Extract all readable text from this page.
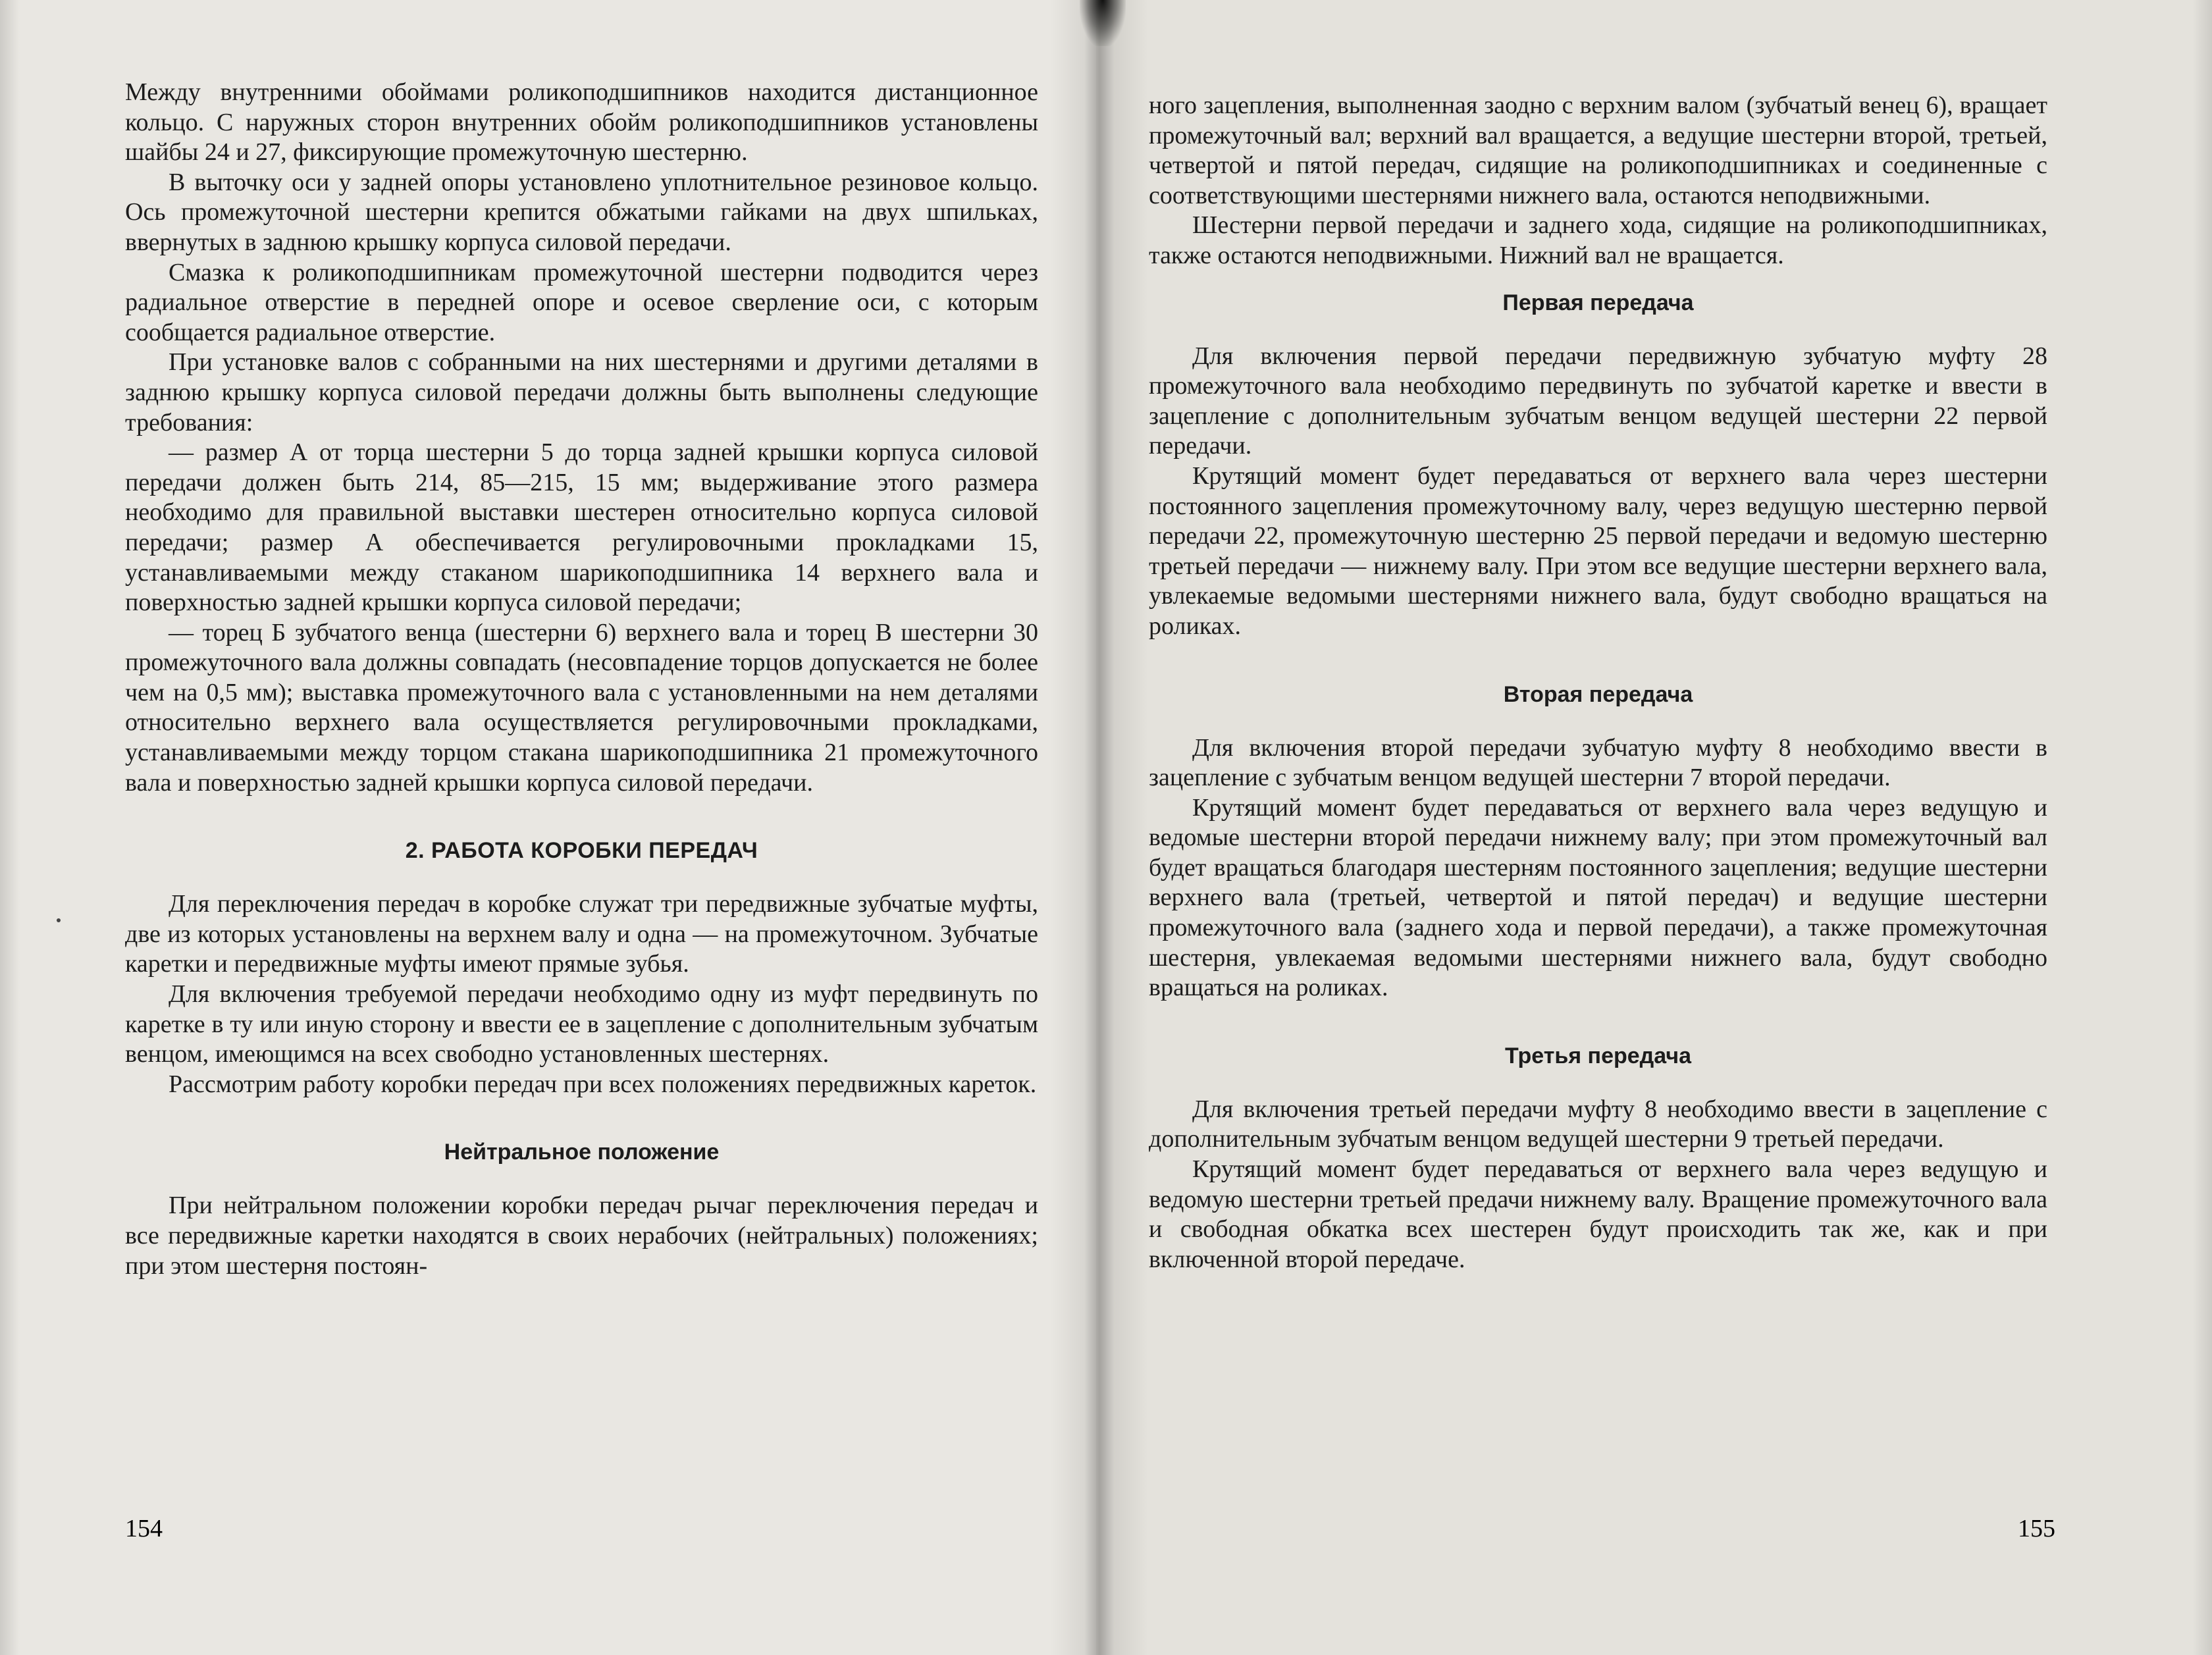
Между внутренними обоймами роликоподшипников находится дистанционное кольцо. С наружных сторон внутренних обойм роликоподшипников установлены шайбы 24 и 27, фиксирующие промежуточную шестерню.

В выточку оси у задней опоры установлено уплотнительное резиновое кольцо. Ось промежуточной шестерни крепится обжатыми гайками на двух шпильках, ввернутых в заднюю крышку корпуса силовой передачи.

Смазка к роликоподшипникам промежуточной шестерни подводится через радиальное отверстие в передней опоре и осевое сверление оси, с которым сообщается радиальное отверстие.

При установке валов с собранными на них шестернями и другими деталями в заднюю крышку корпуса силовой передачи должны быть выполнены следующие требования:

— размер А от торца шестерни 5 до торца задней крышки корпуса силовой передачи должен быть 214, 85—215, 15 мм; выдерживание этого размера необходимо для правильной выставки шестерен относительно корпуса силовой передачи; размер А обеспечивается регулировочными прокладками 15, устанавливаемыми между стаканом шарикоподшипника 14 верхнего вала и поверхностью задней крышки корпуса силовой передачи;

— торец Б зубчатого венца (шестерни 6) верхнего вала и торец В шестерни 30 промежуточного вала должны совпадать (несовпадение торцов допускается не более чем на 0,5 мм); выставка промежуточного вала с установленными на нем деталями относительно верхнего вала осуществляется регулировочными прокладками, устанавливаемыми между торцом стакана шарикоподшипника 21 промежуточного вала и поверхностью задней крышки корпуса силовой передачи.

2. РАБОТА КОРОБКИ ПЕРЕДАЧ

Для переключения передач в коробке служат три передвижные зубчатые муфты, две из которых установлены на верхнем валу и одна — на промежуточном. Зубчатые каретки и передвижные муфты имеют прямые зубья.

Для включения требуемой передачи необходимо одну из муфт передвинуть по каретке в ту или иную сторону и ввести ее в зацепление с дополнительным зубчатым венцом, имеющимся на всех свободно установленных шестернях.

Рассмотрим работу коробки передач при всех положениях передвижных кареток.

Нейтральное положение

При нейтральном положении коробки передач рычаг переключения передач и все передвижные каретки находятся в своих нерабочих (нейтральных) положениях; при этом шестерня постоян-

154

ного зацепления, выполненная заодно с верхним валом (зубчатый венец 6), вращает промежуточный вал; верхний вал вращается, а ведущие шестерни второй, третьей, четвертой и пятой передач, сидящие на роликоподшипниках и соединенные с соответствующими шестернями нижнего вала, остаются неподвижными.

Шестерни первой передачи и заднего хода, сидящие на роликоподшипниках, также остаются неподвижными. Нижний вал не вращается.

Первая передача

Для включения первой передачи передвижную зубчатую муфту 28 промежуточного вала необходимо передвинуть по зубчатой каретке и ввести в зацепление с дополнительным зубчатым венцом ведущей шестерни 22 первой передачи.

Крутящий момент будет передаваться от верхнего вала через шестерни постоянного зацепления промежуточному валу, через ведущую шестерню первой передачи 22, промежуточную шестерню 25 первой передачи и ведомую шестерню третьей передачи — нижнему валу. При этом все ведущие шестерни верхнего вала, увлекаемые ведомыми шестернями нижнего вала, будут свободно вращаться на роликах.

Вторая передача

Для включения второй передачи зубчатую муфту 8 необходимо ввести в зацепление с зубчатым венцом ведущей шестерни 7 второй передачи.

Крутящий момент будет передаваться от верхнего вала через ведущую и ведомые шестерни второй передачи нижнему валу; при этом промежуточный вал будет вращаться благодаря шестерням постоянного зацепления; ведущие шестерни верхнего вала (третьей, четвертой и пятой передач) и ведущие шестерни промежуточного вала (заднего хода и первой передачи), а также промежуточная шестерня, увлекаемая ведомыми шестернями нижнего вала, будут свободно вращаться на роликах.

Третья передача

Для включения третьей передачи муфту 8 необходимо ввести в зацепление с дополнительным зубчатым венцом ведущей шестерни 9 третьей передачи.

Крутящий момент будет передаваться от верхнего вала через ведущую и ведомую шестерни третьей предачи нижнему валу. Вращение промежуточного вала и свободная обкатка всех шестерен будут происходить так же, как и при включенной второй передаче.

155
